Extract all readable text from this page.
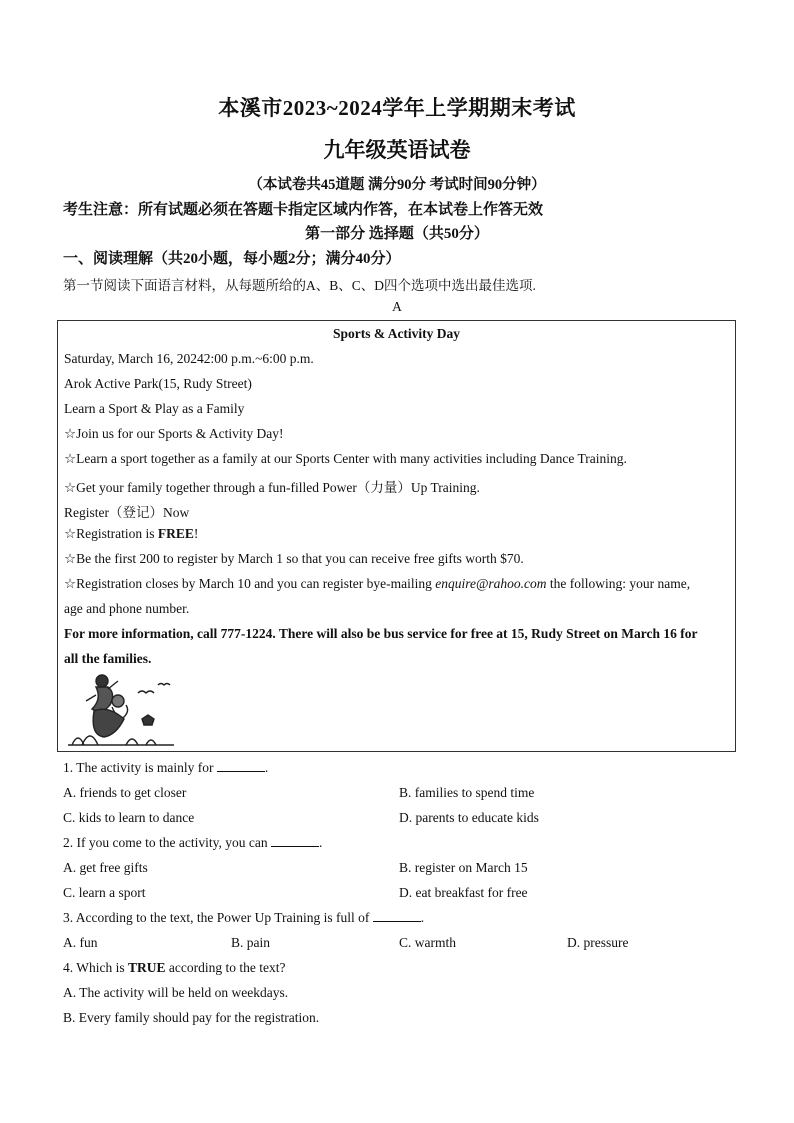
本溪市2023~2024学年上学期期末考试
九年级英语试卷
（本试卷共45道题 满分90分 考试时间90分钟）
考生注意：所有试题必须在答题卡指定区域内作答，在本试卷上作答无效
第一部分 选择题（共50分）
一、阅读理解（共20小题，每小题2分；满分40分）
第一节阅读下面语言材料，从每题所给的A、B、C、D四个选项中选出最佳选项.
A
Sports & Activity Day
Saturday, March 16, 20242:00 p.m.~6:00 p.m.
Arok Active Park(15, Rudy Street)
Learn a Sport & Play as a Family
☆Join us for our Sports & Activity Day!
☆Learn a sport together as a family at our Sports Center with many activities including Dance Training.
☆Get your family together through a fun-filled Power（力量）Up Training.
Register（登记）Now
☆Registration is FREE!
☆Be the first 200 to register by March 1 so that you can receive free gifts worth $70.
☆Registration closes by March 10 and you can register bye-mailing enquire@rahoo.com the following: your name,
age and phone number.
For more information, call 777-1224. There will also be bus service for free at 15, Rudy Street on March 16 for
all the families.
1. The activity is mainly for	.
A. friends to get closer	B. families to spend time
C. kids to learn to dance	D. parents to educate kids
2. If you come to the activity, you can	.
A. get free gifts	B. register on March 15
C. learn a sport	D. eat breakfast for free
3. According to the text, the Power Up Training is full of	.
A. fun	B. pain	C. warmth	D. pressure
4. Which is TRUE according to the text?
A. The activity will be held on weekdays.
B. Every family should pay for the registration.
